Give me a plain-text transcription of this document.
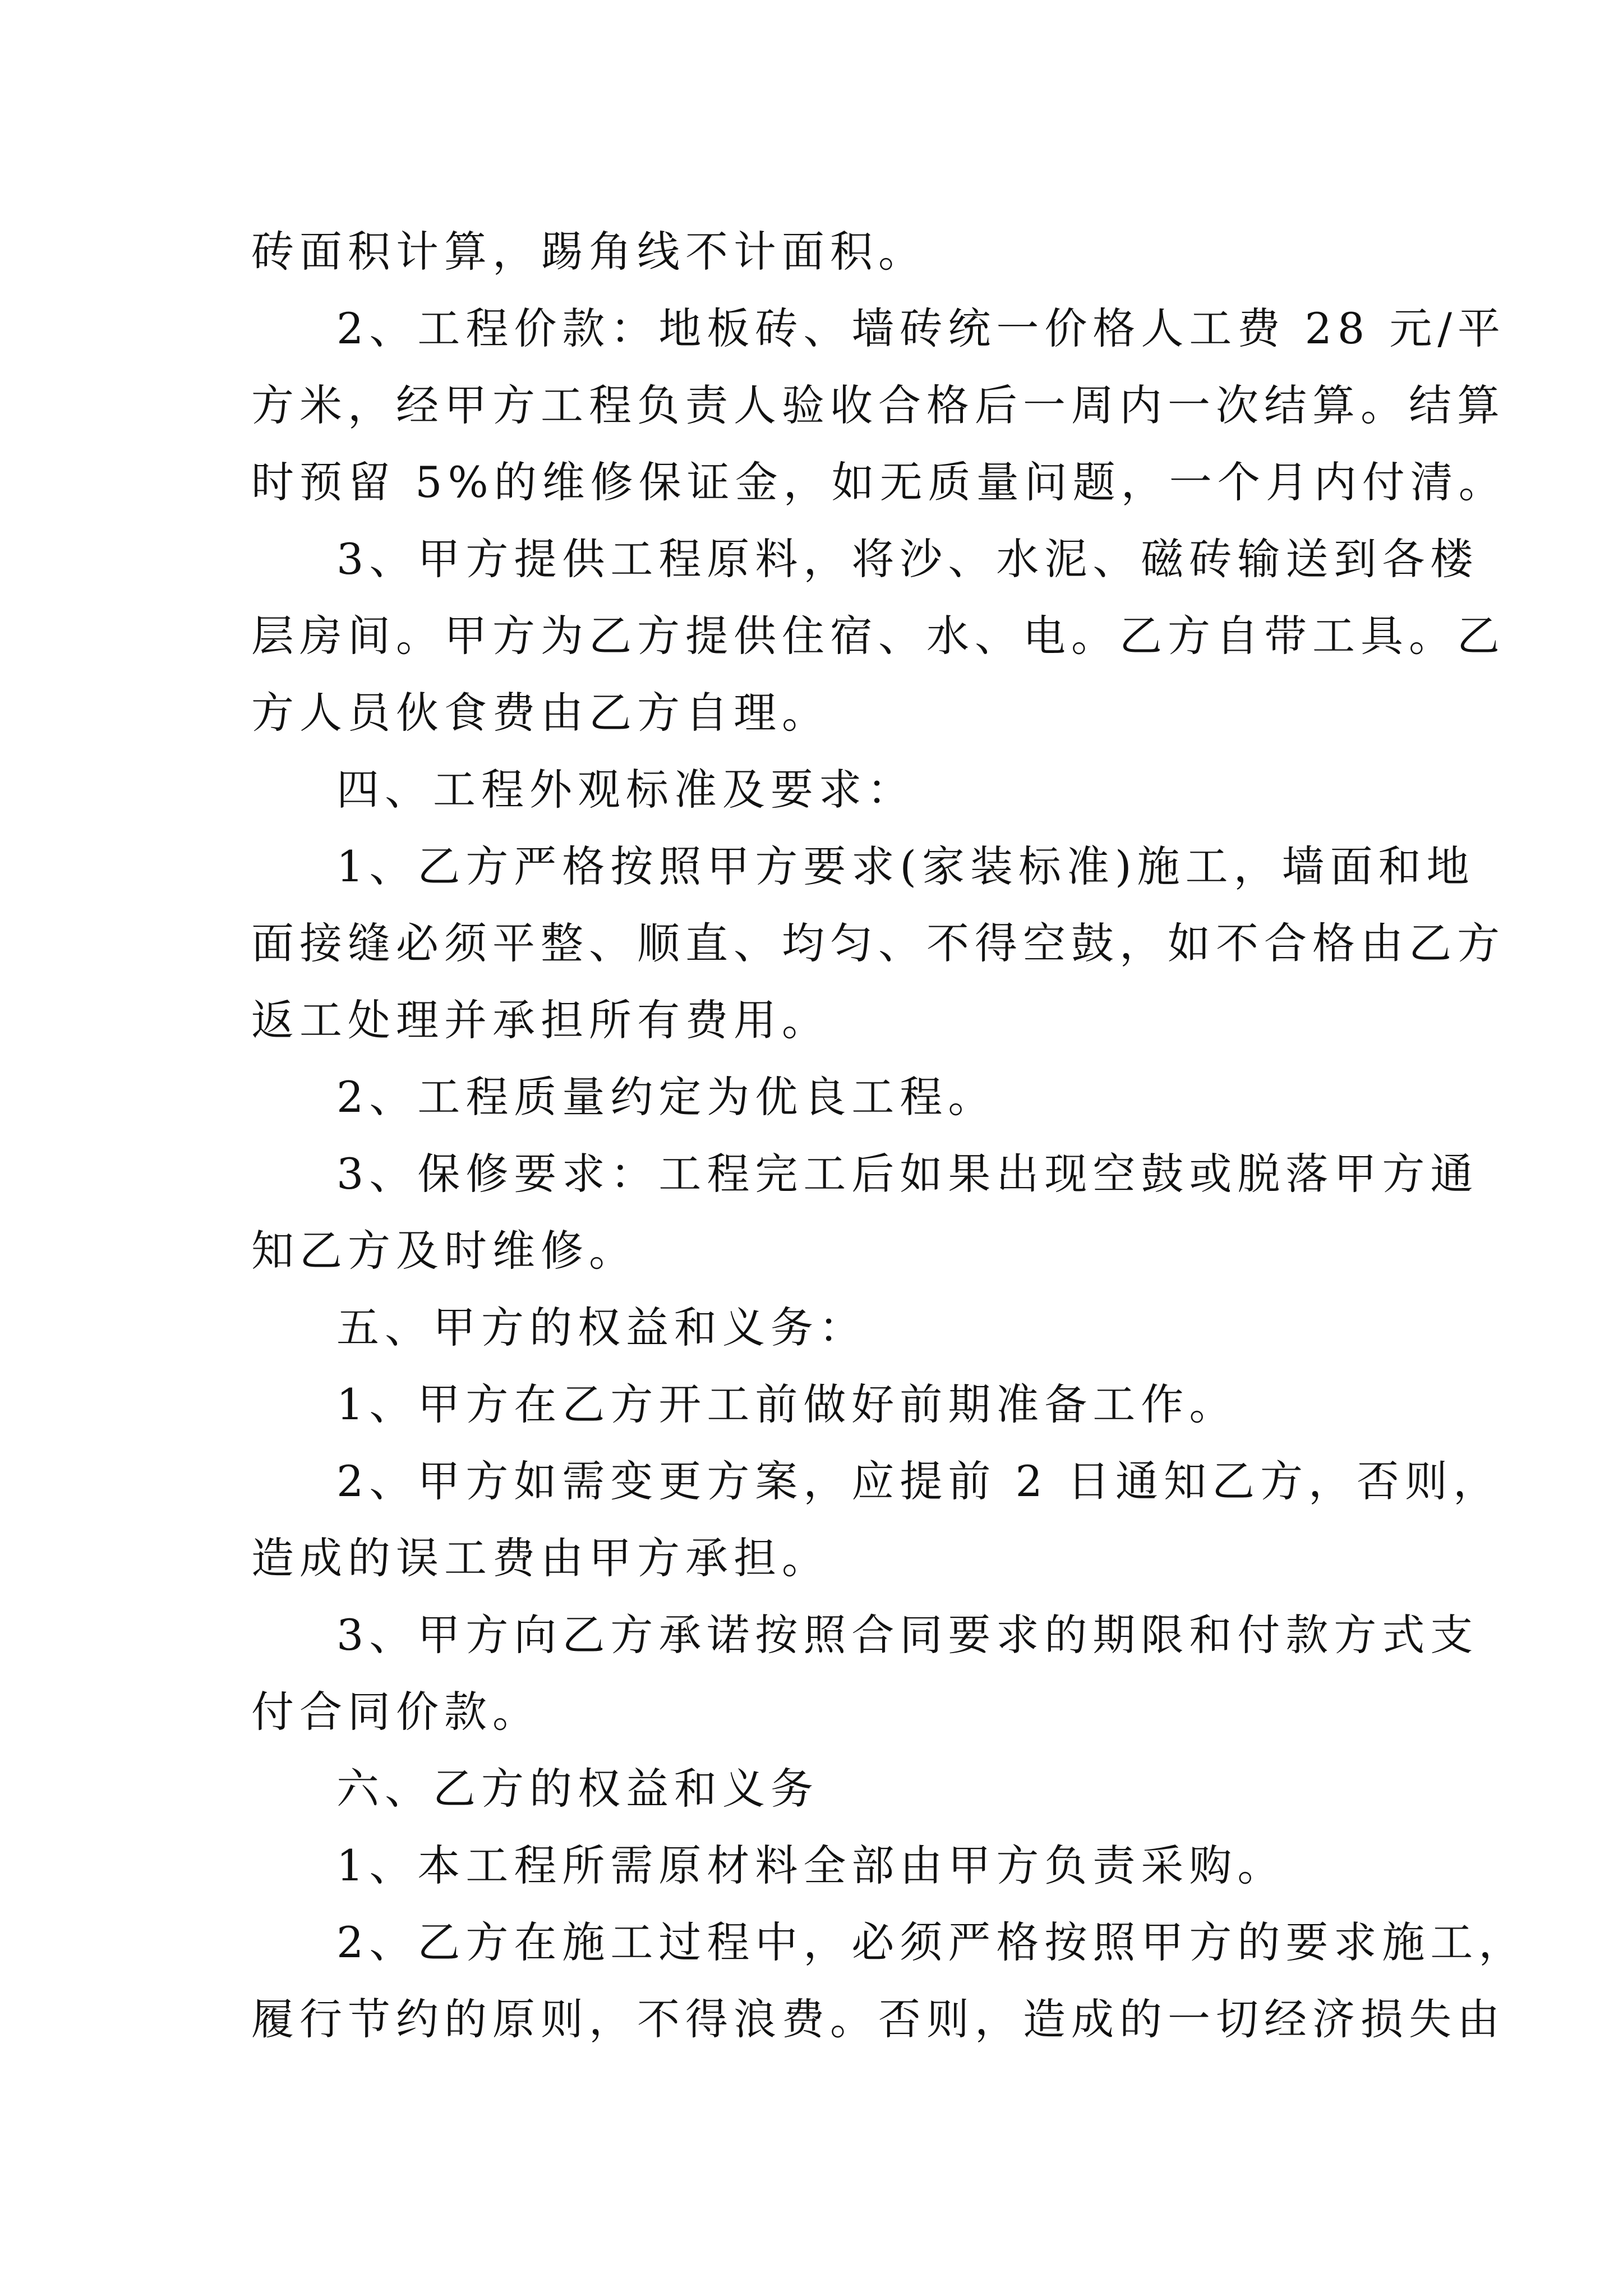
砖面积计算，踢角线不计面积。
2、工程价款：地板砖、墙砖统一价格人工费 28 元/平
方米，经甲方工程负责人验收合格后一周内一次结算。结算
时预留 5%的维修保证金，如无质量问题，一个月内付清。
3、甲方提供工程原料，将沙、水泥、磁砖输送到各楼
层房间。甲方为乙方提供住宿、水、电。乙方自带工具。乙
方人员伙食费由乙方自理。
四、工程外观标准及要求：
1、乙方严格按照甲方要求(家装标准)施工，墙面和地
面接缝必须平整、顺直、均匀、不得空鼓，如不合格由乙方
返工处理并承担所有费用。
2、工程质量约定为优良工程。
3、保修要求：工程完工后如果出现空鼓或脱落甲方通
知乙方及时维修。
五、甲方的权益和义务：
1、甲方在乙方开工前做好前期准备工作。
2、甲方如需变更方案，应提前 2 日通知乙方，否则，
造成的误工费由甲方承担。
3、甲方向乙方承诺按照合同要求的期限和付款方式支
付合同价款。
六、乙方的权益和义务
1、本工程所需原材料全部由甲方负责采购。
2、乙方在施工过程中，必须严格按照甲方的要求施工，
履行节约的原则，不得浪费。否则，造成的一切经济损失由
